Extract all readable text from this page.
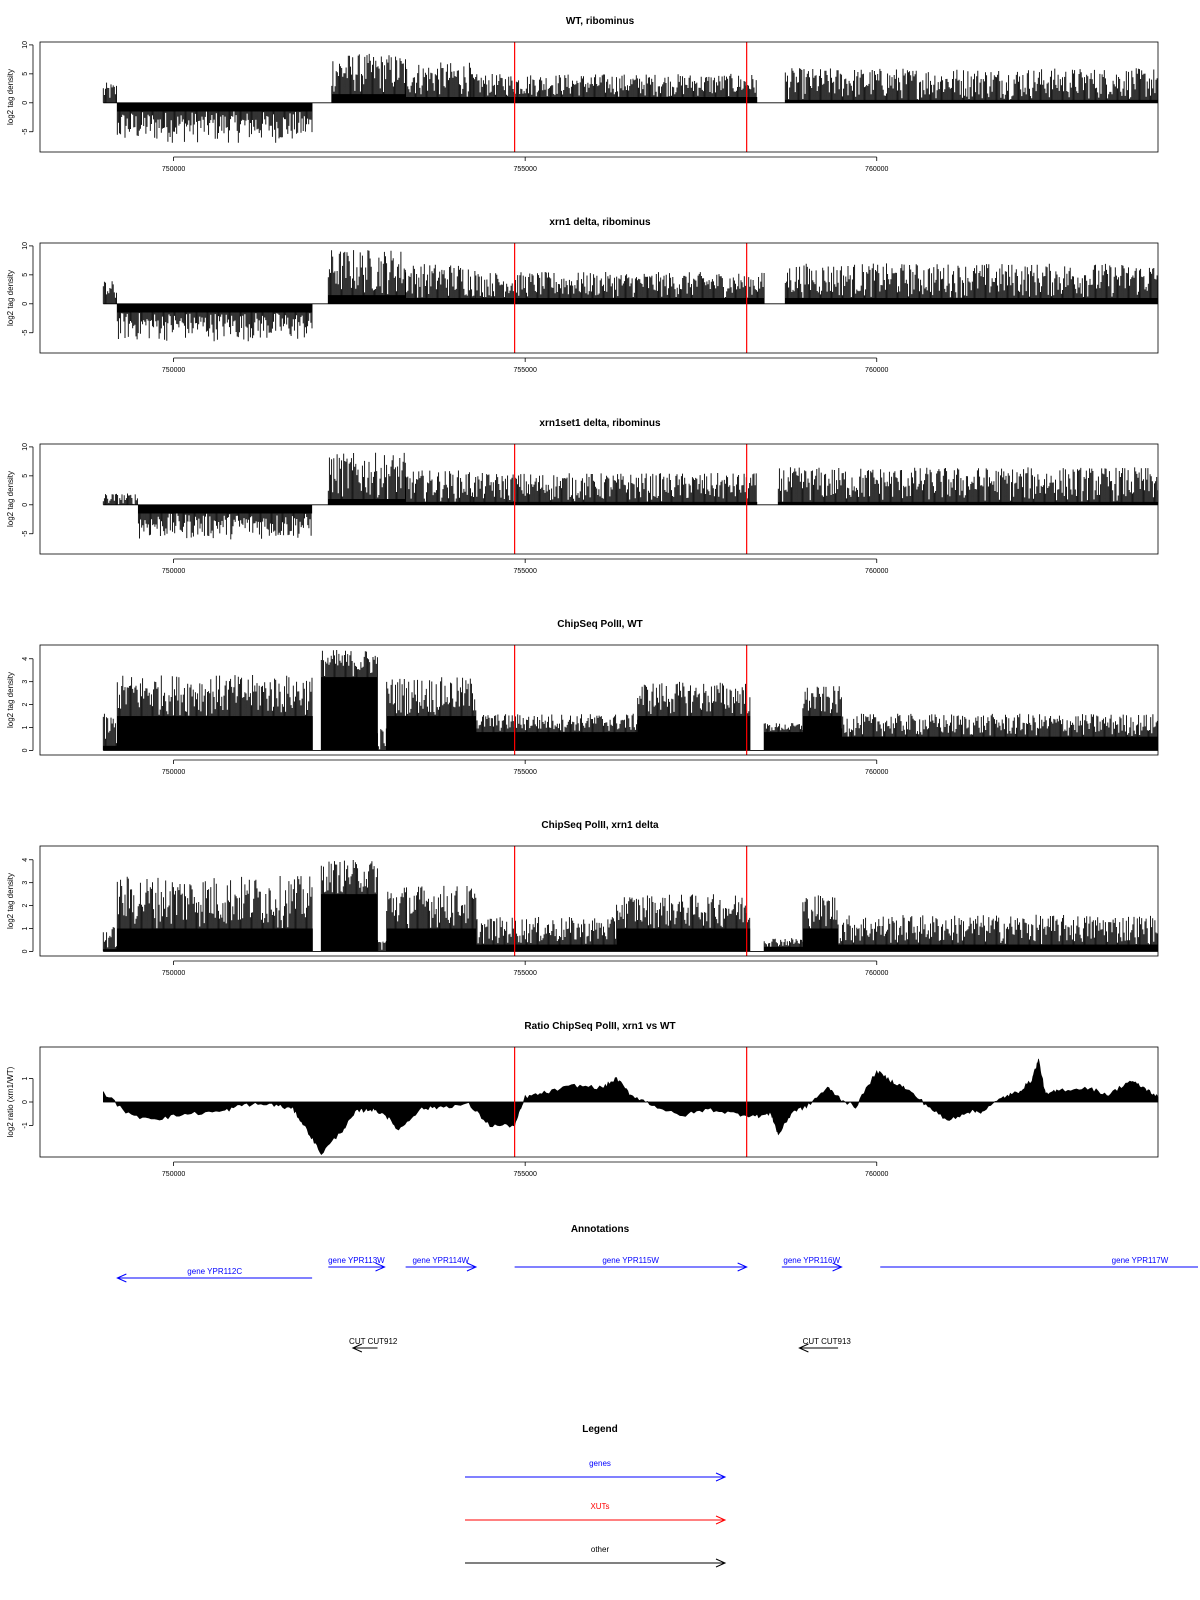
WT, ribominus
log2 tag density
-5
0
5
10
750000	755000	760000
xrn1 delta, ribominus
log2 tag density
-5
0
5
10
750000	755000	760000
xrn1set1 delta, ribominus
log2 tag density
-5
0
5
10
750000	755000	760000
ChipSeq PolII, WT
log2 tag density
0
1
2
3
4
750000	755000	760000
ChipSeq PolII, xrn1 delta
log2 tag density
0
1
2
3
4
750000	755000	760000
Ratio ChipSeq PolII, xrn1 vs WT
log2 ratio (xrn1/WT) -1
0
1
750000	755000	760000
Annotations
gene YPR112C
gene YPR113W	gene YPR114W	gene YPR115W	gene YPR116W	gene YPR117W
CUT CUT912	CUT CUT913
Legend
genes
XUTs
other
